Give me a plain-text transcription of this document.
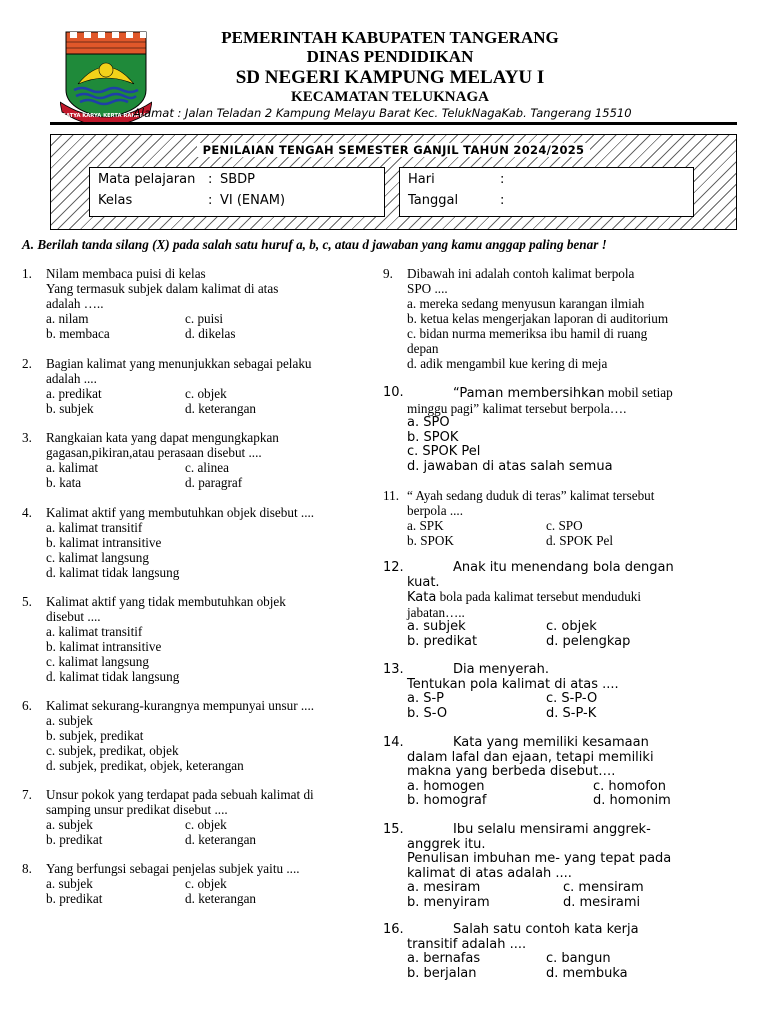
SATYA KARYA KERTA RAHARJA
PEMERINTAH KABUPATEN TANGERANG
DINAS PENDIDIKAN
SD NEGERI KAMPUNG MELAYU I
KECAMATAN TELUKNAGA
Alamat : Jalan Teladan 2 Kampung Melayu Barat Kec. TelukNagaKab. Tangerang 15510
PENILAIAN TENGAH SEMESTER GANJIL TAHUN 2024/2025
Mata pelajaran : SBDP
Kelas	: VI (ENAM)
Hari	:
Tanggal	:
A. Berilah tanda silang (X) pada salah satu huruf a, b, c, atau d jawaban yang kamu anggap paling benar !
1. Nilam membaca puisi di kelas
Yang termasuk subjek dalam kalimat di atas
adalah …..
a. nilam	c. puisi
b. membaca	d. dikelas
2. Bagian kalimat yang menunjukkan sebagai pelaku
adalah ....
a. predikat	c. objek
b. subjek	d. keterangan
3. Rangkaian kata yang dapat mengungkapkan
gagasan,pikiran,atau perasaan disebut ....
a. kalimat	c. alinea
b. kata	d. paragraf
4. Kalimat aktif yang membutuhkan objek disebut ....
a. kalimat transitif
b. kalimat intransitive
c. kalimat langsung
d. kalimat tidak langsung
5. Kalimat aktif yang tidak membutuhkan objek
disebut ....
a. kalimat transitif
b. kalimat intransitive
c. kalimat langsung
d. kalimat tidak langsung
6. Kalimat sekurang-kurangnya mempunyai unsur ....
a. subjek
b. subjek, predikat
c. subjek, predikat, objek
d. subjek, predikat, objek, keterangan
7. Unsur pokok yang terdapat pada sebuah kalimat di
samping unsur predikat disebut ....
a. subjek	c. objek
b. predikat	d. keterangan
8. Yang berfungsi sebagai penjelas subjek yaitu ....
a. subjek	c. objek
b. predikat	d. keterangan
9. Dibawah ini adalah contoh kalimat berpola
SPO ....
a. mereka sedang menyusun karangan ilmiah
b. ketua kelas mengerjakan laporan di auditorium
c. bidan nurma memeriksa ibu hamil di ruang
depan
d. adik mengambil kue kering di meja
10.	“Paman membersihkan mobil setiap
minggu pagi” kalimat tersebut berpola….
a. SPO
b. SPOK
c. SPOK Pel
d. jawaban di atas salah semua
11. “ Ayah sedang duduk di teras” kalimat tersebut
berpola ....
a. SPK	c. SPO
b. SPOK	d. SPOK Pel
12.	Anak itu menendang bola dengan
kuat.
Kata bola pada kalimat tersebut menduduki
jabatan…..
a. subjek	c. objek
b. predikat	d. pelengkap
13.	Dia menyerah.
Tentukan pola kalimat di atas ....
a. S-P	c. S-P-O
b. S-O	d. S-P-K
14.	Kata yang memiliki kesamaan
dalam lafal dan ejaan, tetapi memiliki
makna yang berbeda disebut….
a. homogen	c. homofon
b. homograf	d. homonim
15.	Ibu selalu mensirami anggrek-
anggrek itu.
Penulisan imbuhan me- yang tepat pada
kalimat di atas adalah ....
a. mesiram	c. mensiram
b. menyiram	d. mesirami
16.	Salah satu contoh kata kerja
transitif adalah ....
a. bernafas	c. bangun
b. berjalan	d. membuka
